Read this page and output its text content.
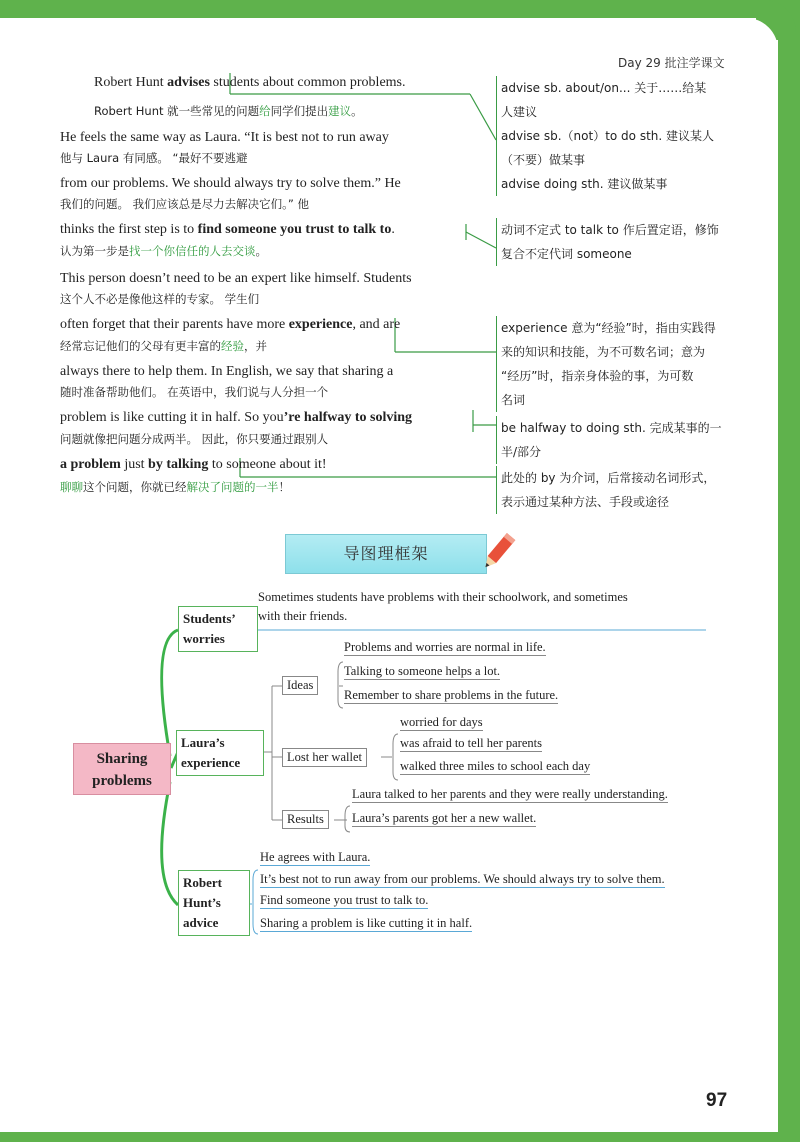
Day 29 批注学课文
Robert Hunt advises students about common problems.
Robert Hunt 就一些常见的问题给同学们提出建议。
He feels the same way as Laura. “It is best not to run away
他与 Laura 有同感。 “最好不要逃避
from our problems. We should always try to solve them.” He
我们的问题。 我们应该总是尽力去解决它们。” 他
thinks the first step is to find someone you trust to talk to.
认为第一步是找一个你信任的人去交谈。
This person doesn’t need to be an expert like himself. Students
这个人不必是像他这样的专家。 学生们
often forget that their parents have more experience, and are
经常忘记他们的父母有更丰富的经验，并
always there to help them. In English, we say that sharing a
随时准备帮助他们。 在英语中，我们说与人分担一个
problem is like cutting it in half. So you’re halfway to solving
问题就像把问题分成两半。 因此，你只要通过跟别人
a problem just by talking to someone about it!
聊聊这个问题，你就已经解决了问题的一半！
advise sb. about/on... 关于……给某
人建议
advise sb.（not）to do sth. 建议某人
（不要）做某事
advise doing sth. 建议做某事
动词不定式 to talk to 作后置定语，修饰
复合不定代词 someone
experience 意为“经验”时，指由实践得
来的知识和技能，为不可数名词；意为
“经历”时，指亲身体验的事，为可数
名词
be halfway to doing sth. 完成某事的一
半/部分
此处的 by 为介词，后常接动名词形式，
表示通过某种方法、手段或途径
导图理框架
Sharing
problems
Students’
worries
Sometimes students have problems with their schoolwork, and sometimes
with their friends.
Laura’s
experience
Ideas
Problems and worries are normal in life.
Talking to someone helps a lot.
Remember to share problems in the future.
Lost her wallet
worried for days
was afraid to tell her parents
walked three miles to school each day
Results
Laura talked to her parents and they were really understanding.
Laura’s parents got her a new wallet.
Robert
Hunt’s
advice
He agrees with Laura.
It’s best not to run away from our problems. We should always try to solve them.
Find someone you trust to talk to.
Sharing a problem is like cutting it in half.
97
